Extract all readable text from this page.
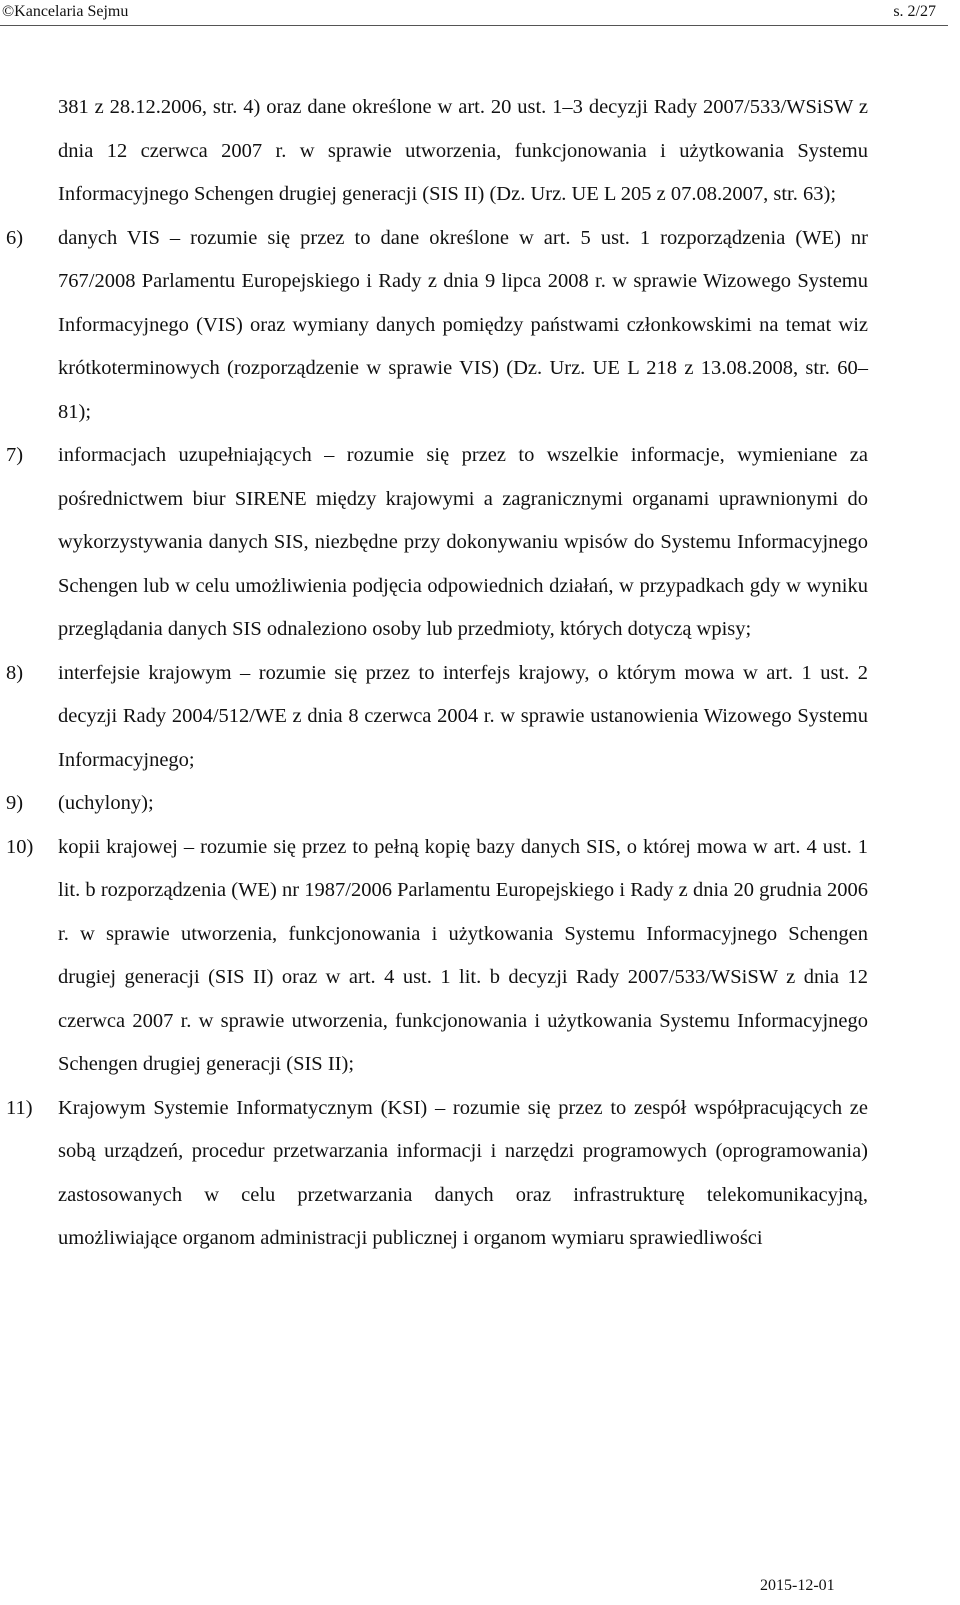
©Kancelaria Sejmu	s. 2/27
381 z 28.12.2006, str. 4) oraz dane określone w art. 20 ust. 1–3 decyzji Rady 2007/533/WSiSW z dnia 12 czerwca 2007 r. w sprawie utworzenia, funkcjonowania i użytkowania Systemu Informacyjnego Schengen drugiej generacji (SIS II) (Dz. Urz. UE L 205 z 07.08.2007, str. 63);
6)	danych VIS – rozumie się przez to dane określone w art. 5 ust. 1 rozporządzenia (WE) nr 767/2008 Parlamentu Europejskiego i Rady z dnia 9 lipca 2008 r. w sprawie Wizowego Systemu Informacyjnego (VIS) oraz wymiany danych pomiędzy państwami członkowskimi na temat wiz krótkoterminowych (rozporządzenie w sprawie VIS) (Dz. Urz. UE L 218 z 13.08.2008, str. 60–81);
7)	informacjach uzupełniających – rozumie się przez to wszelkie informacje, wymieniane za pośrednictwem biur SIRENE między krajowymi a zagranicznymi organami uprawnionymi do wykorzystywania danych SIS, niezbędne przy dokonywaniu wpisów do Systemu Informacyjnego Schengen lub w celu umożliwienia podjęcia odpowiednich działań, w przypadkach gdy w wyniku przeglądania danych SIS odnaleziono osoby lub przedmioty, których dotyczą wpisy;
8)	interfejsie krajowym – rozumie się przez to interfejs krajowy, o którym mowa w art. 1 ust. 2 decyzji Rady 2004/512/WE z dnia 8 czerwca 2004 r. w sprawie ustanowienia Wizowego Systemu Informacyjnego;
9)	(uchylony);
10)	kopii krajowej – rozumie się przez to pełną kopię bazy danych SIS, o której mowa w art. 4 ust. 1 lit. b rozporządzenia (WE) nr 1987/2006 Parlamentu Europejskiego i Rady z dnia 20 grudnia 2006 r. w sprawie utworzenia, funkcjonowania i użytkowania Systemu Informacyjnego Schengen drugiej generacji (SIS II) oraz w art. 4 ust. 1 lit. b decyzji Rady 2007/533/WSiSW z dnia 12 czerwca 2007 r. w sprawie utworzenia, funkcjonowania i użytkowania Systemu Informacyjnego Schengen drugiej generacji (SIS II);
11)	Krajowym Systemie Informatycznym (KSI) – rozumie się przez to zespół współpracujących ze sobą urządzeń, procedur przetwarzania informacji i narzędzi programowych (oprogramowania) zastosowanych w celu przetwarzania danych oraz infrastrukturę telekomunikacyjną, umożliwiające organom administracji publicznej i organom wymiaru sprawiedliwości
2015-12-01
